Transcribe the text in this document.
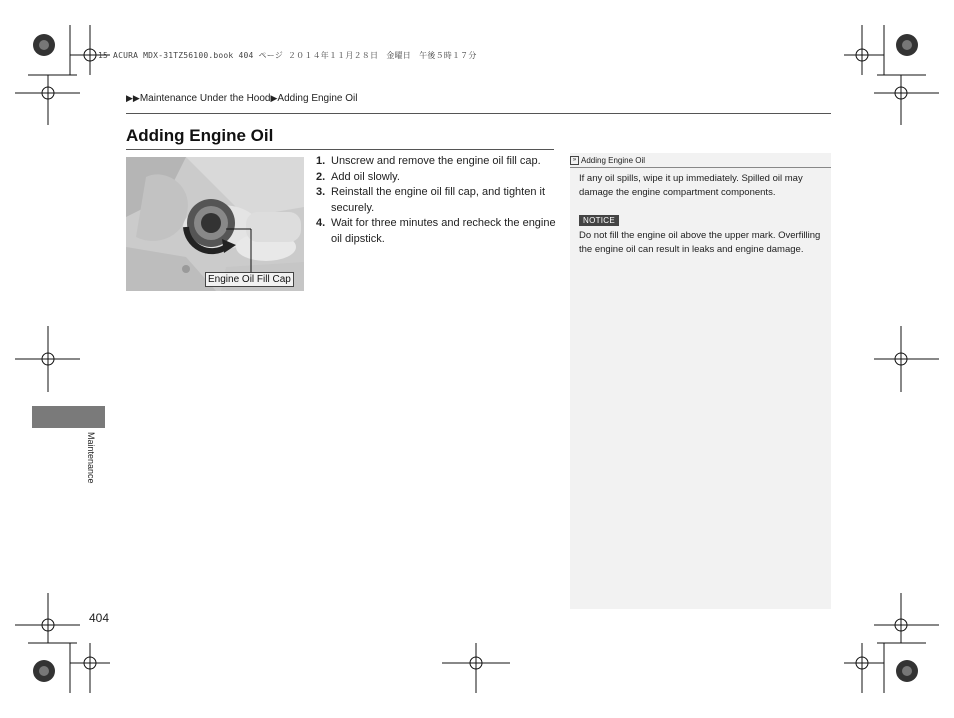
15 ACURA MDX-31TZ56100.book 404 ページ ２０１４年１１月２８日　金曜日　午後５時１７分
▶▶Maintenance Under the Hood▶Adding Engine Oil
Adding Engine Oil
Engine Oil Fill Cap
1. Unscrew and remove the engine oil fill cap.
2. Add oil slowly.
3. Reinstall the engine oil fill cap, and tighten it securely.
4. Wait for three minutes and recheck the engine oil dipstick.
» Adding Engine Oil
If any oil spills, wipe it up immediately. Spilled oil may damage the engine compartment components.
NOTICE
Do not fill the engine oil above the upper mark. Overfilling the engine oil can result in leaks and engine damage.
Maintenance
404
